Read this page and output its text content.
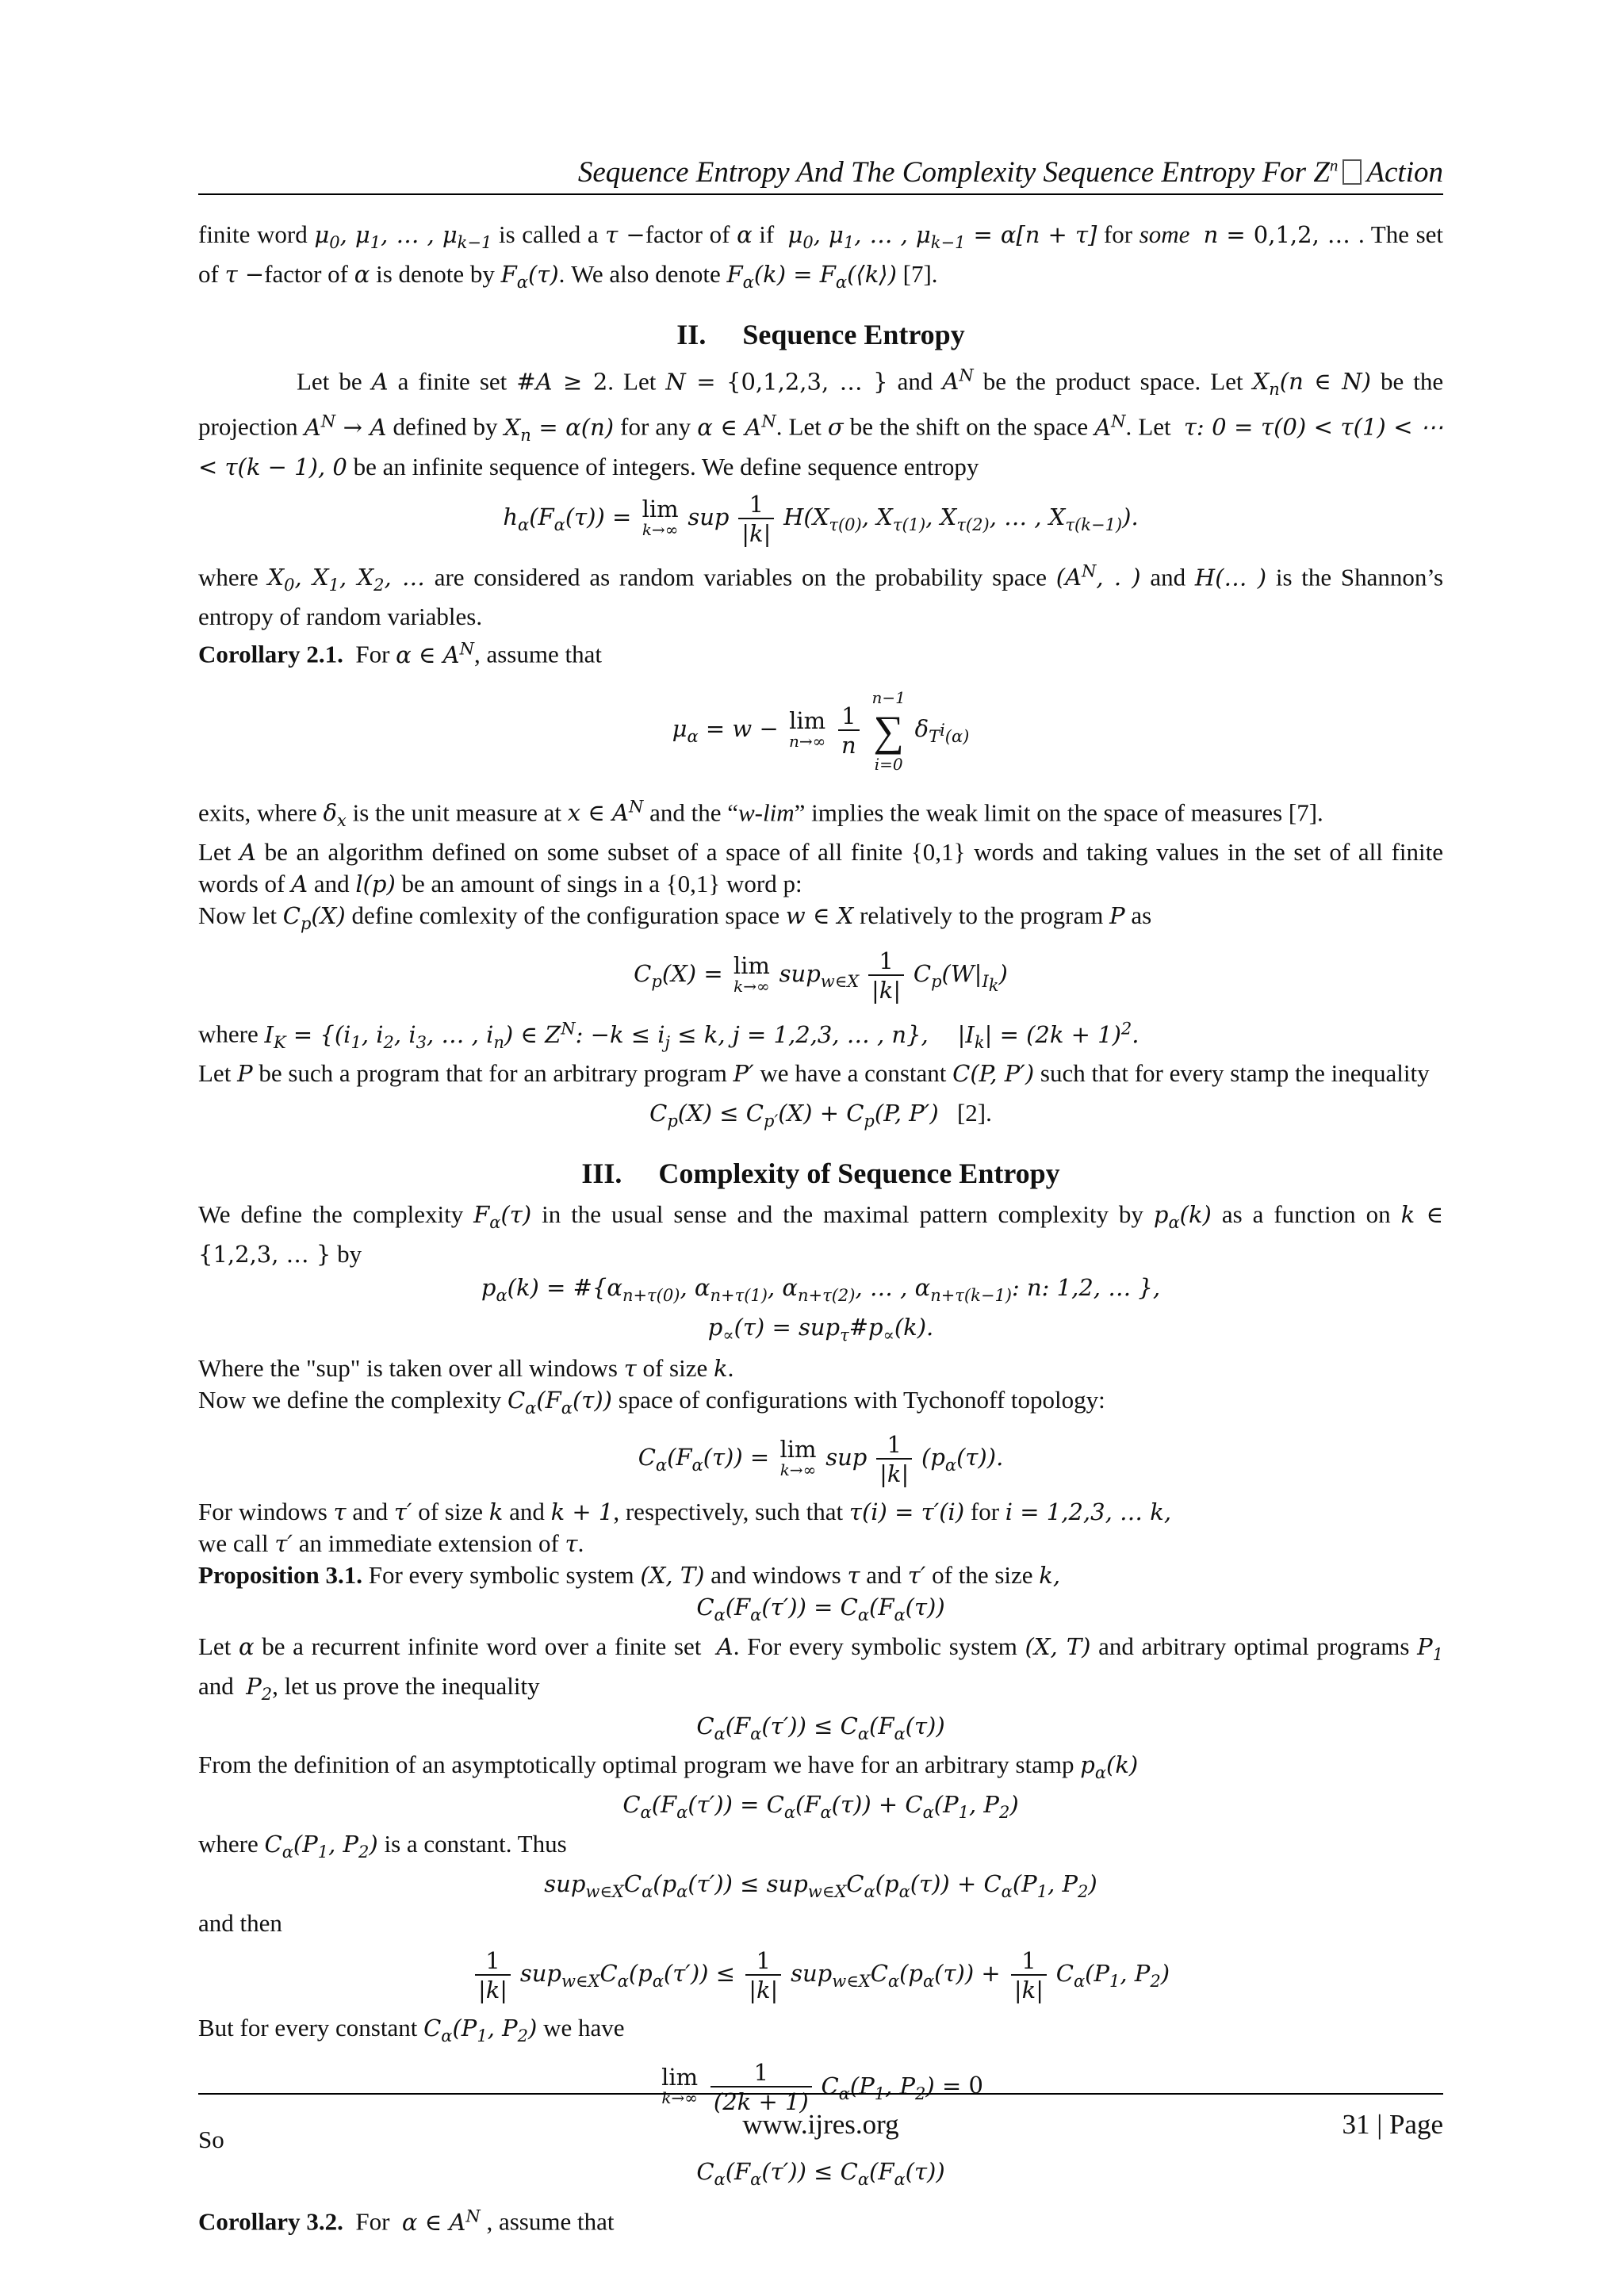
Sequence Entropy And The Complexity Sequence Entropy For $Z^n$ Action

finite word $\mu_0$, $\mu_1$, … , $\mu_{k-1}$ is called a τ −factor of α if $\mu_0$, $\mu_1$, … , $\mu_{k-1} = \alpha[n + \tau]$ for some n = 0,1,2, … . The set of τ −factor of α is denote by $F_\alpha(\tau)$. We also denote $F_\alpha(k)$ = $F_\alpha(⟨k⟩)$ [7].

II. Sequence Entropy

Let be A a finite set #A ≥ 2. Let N = {0,1,2,3, … } and $A^N$ be the product space. Let $X_n(n$ ∈ N) be the projection $A^N \to A$ defined by $X_n = \alpha(n)$ for any α ∈ $A^N$. Let σ be the shift on the space $A^N$. Let τ: 0 = τ(0) < τ(1) < ⋯ < τ(k − 1), 0 be an infinite sequence of integers. We define sequence entropy

$h_\alpha(F_\alpha(\tau)) = \lim$
k→∞ sup $\frac{1}{|k|} H(X_{\tau(0)}$, $X_{\tau(1)}$, $X_{\tau(2)}$, … , $X_{\tau(k-1)}$).

where $X_0$, $X_1$, $X_2$, … are considered as random variables on the probability space ($A^N$, . ) and H(… ) is the Shannon’s entropy of random variables.

Corollary 2.1. For α ∈ $A^N$, assume that

$\mu_\alpha = w - \lim$
n→∞
$\frac{1}{n}$

n−1
∑
i=0
$\delta_{T^i(\alpha)}$

exits, where $\delta_x$ is the unit measure at x ∈ $A^N$ and the “w-lim” implies the weak limit on the space of measures [7].

Let A be an algorithm defined on some subset of a space of all finite {0,1} words and taking values in the set of all finite words of A and l(p) be an amount of sings in a {0,1} word p:

Now let $C_p(X)$ define comlexity of the configuration space w ∈ X relatively to the program P as

$C_p(X) = \lim$
k→∞ $sup_{w\in X} \frac{1}{|k|} C_p(W|_{I_k})$

where $I_K = \{(i_1$, $i_2$, $i_3$, … , $i_n$) ∈ $Z^N$: $-k \le i_j \le k$, j = 1,2,3, … , n},    $|I_k| = (2k + 1)^2$.

Let P be such a program that for an arbitrary program P′ we have a constant C(P, P′) such that for every stamp the inequality

$C_p(X) \le C_{p'}(X) + C_p(P$, P′) [2].
III. Complexity of Sequence Entropy

We define the complexity $F_\alpha(\tau)$ in the usual sense and the maximal pattern complexity by $p_\alpha(k)$ as a function on k ∈ {1,2,3, … } by

$p_\alpha(k)$ = $\#\{\alpha_{n+\tau(0)}$, $\alpha_{n+\tau(1)}$, $\alpha_{n+\tau(2)}$, … , $\alpha_{n+\tau(k-1)}$: n: 1,2, … },
$p_\propto(\tau)$ = $sup_\tau\#p_\propto(k)$.

Where the "sup" is taken over all windows τ of size k.

Now we define the complexity $C_\alpha(F_\alpha(\tau))$ space of configurations with Tychonoff topology:

$C_\alpha(F_\alpha(\tau)) = \lim$
k→∞ sup $\frac{1}{|k|} (p_\alpha(\tau))$.

For windows τ and τ′ of size k and k + 1, respectively, such that τ(i) = τ′(i) for i = 1,2,3, … k,

we call τ′ an immediate extension of τ.

Proposition 3.1. For every symbolic system (X, T) and windows τ and τ′ of the size k,

$C_\alpha(F_\alpha(\tau')) = C_\alpha(F_\alpha(\tau))$

Let α be a recurrent infinite word over a finite set A. For every symbolic system (X, T) and arbitrary optimal programs $P_1$ and $P_2$, let us prove the inequality

$C_\alpha(F_\alpha(\tau')) \le C_\alpha(F_\alpha(\tau))$

From the definition of an asymptotically optimal program we have for an arbitrary stamp $p_\alpha(k)$

$C_\alpha(F_\alpha(\tau')) = C_\alpha(F_\alpha(\tau)) + C_\alpha(P_1$, $P_2$)

where $C_\alpha(P_1$, $P_2$) is a constant. Thus

$sup_{w\in X}C_\alpha(p_\alpha(\tau')) \le sup_{w\in X}C_\alpha(p_\alpha(\tau)) + C_\alpha(P_1$, $P_2$)

and then

$\frac{1}{|k|} sup_{w\in X}C_\alpha(p_\alpha(\tau')) \le \frac{1}{|k|} sup_{w\in X}C_\alpha(p_\alpha(\tau)) + \frac{1}{|k|} C_\alpha(P_1$, $P_2$)

But for every constant $C_\alpha(P_1$, $P_2$) we have

lim
k→∞
$\frac{1}{(2k + 1)} C_\alpha(P_1$, $P_2) = 0$

So

$C_\alpha(F_\alpha(\tau')) \le C_\alpha(F_\alpha(\tau))$

Corollary 3.2. For α ∈ $A^N$ , assume that

www.ijres.org	31 | Page
